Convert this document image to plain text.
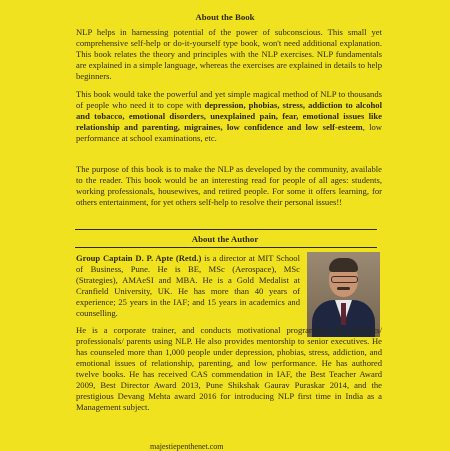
About the Book

NLP helps in harnessing potential of the power of subconscious. This small yet comprehensive self-help or do-it-yourself type book, won't need additional explanation. This book relates the theory and principles with the NLP exercises. NLP fundamentals are explained in a simple language, whereas the exercises are explained in details to help beginners.

This book would take the powerful and yet simple magical method of NLP to thousands of people who need it to cope with depression, phobias, stress, addiction to alcohol and tobacco, emotional disorders, unexplained pain, fear, emotional issues like relationship and parenting, migraines, low confidence and low self-esteem, low performance at school examinations, etc.

The purpose of this book is to make the NLP as developed by the community, available to the reader. This book would be an interesting read for people of all ages: students, working professionals, housewives, and retired people. For some it offers learning, for others entertainment, for yet others self-help to resolve their personal issues!!

About the Author

Group Captain D. P. Apte (Retd.) is a director at MIT School of Business, Pune. He is BE, MSc (Aerospace), MSc (Strategies), AMAeSI and MBA. He is a Gold Medalist at Cranfield University, UK. He has more than 40 years of experience; 25 years in the IAF; and 15 years in academics and counselling.

He is a corporate trainer, and conducts motivational programmes for students/ professionals/ parents using NLP. He also provides mentorship to senior executives. He has counseled more than 1,000 people under depression, phobias, stress, addiction, and emotional issues of relationship, parenting, and low performance. He has authored twelve books. He has received CAS commendation in IAF, the Best Teacher Award 2009, Best Director Award 2013, Pune Shikshak Gaurav Puraskar 2014, and the prestigious Devang Mehta award 2016 for introducing NLP first time in India as a Management subject.

majestiepenthenet.com
